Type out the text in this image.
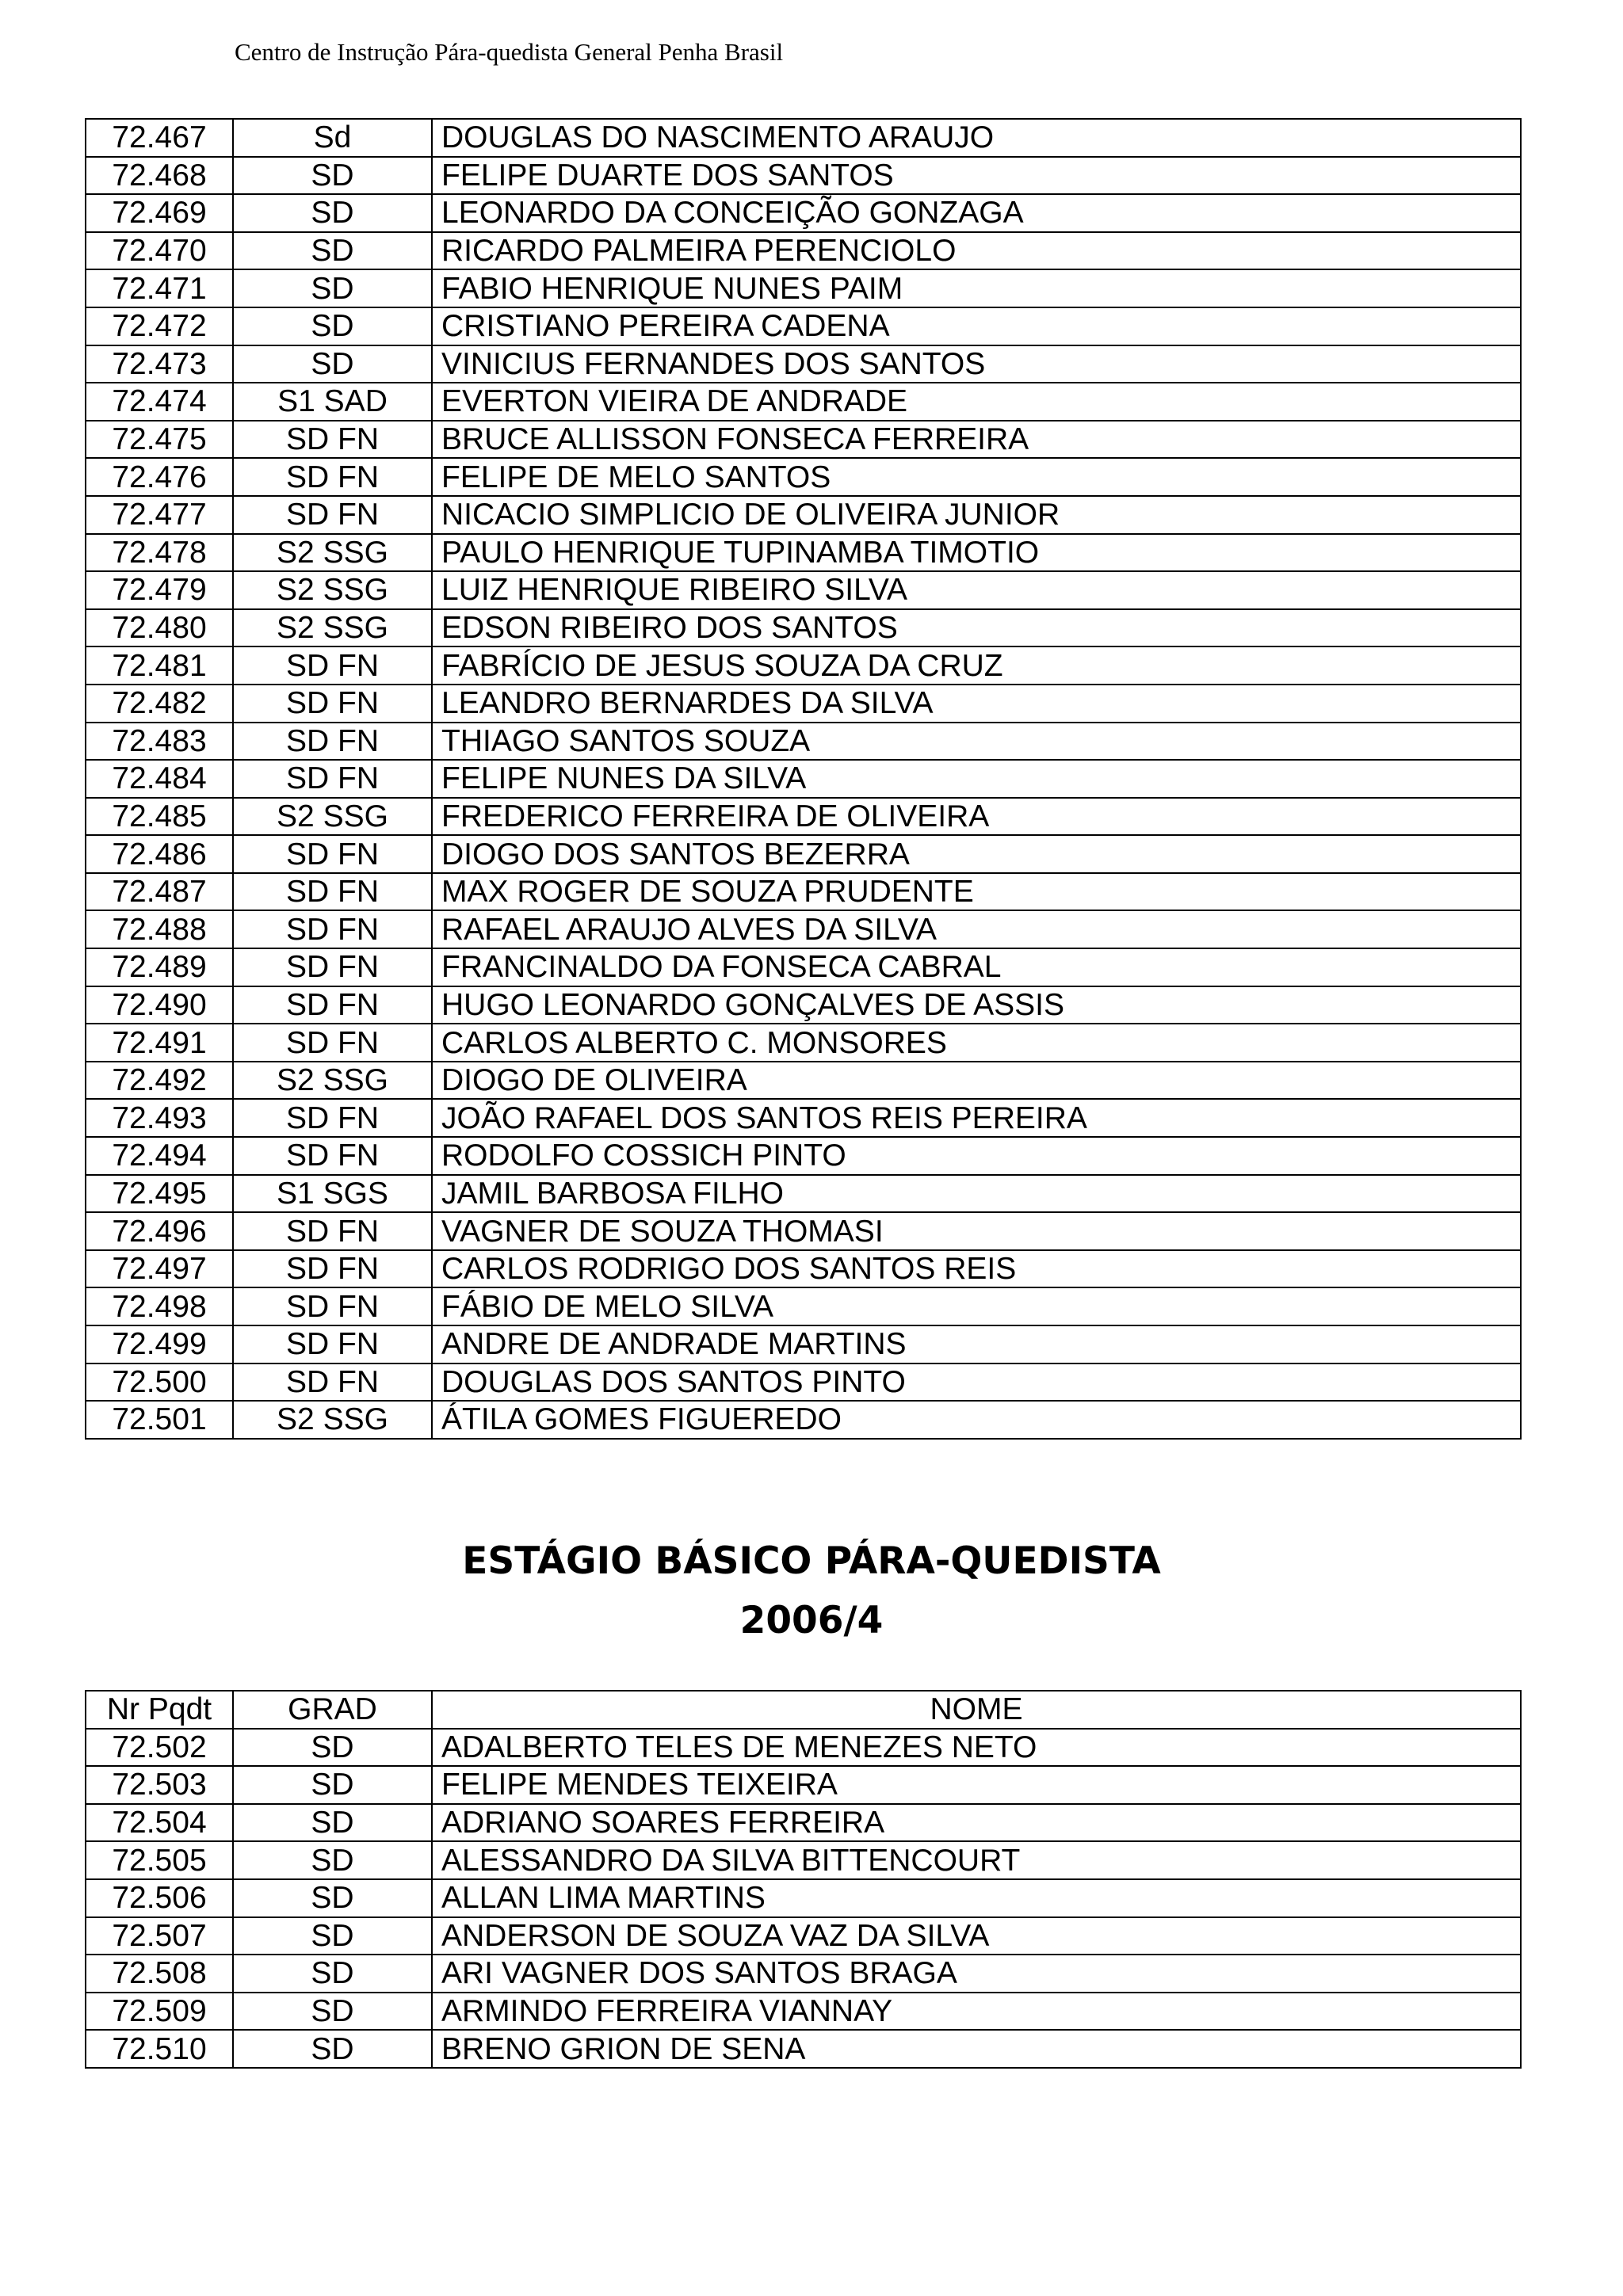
Centro de Instrução Pára-quedista General Penha Brasil
72.467	Sd	DOUGLAS DO NASCIMENTO ARAUJO
72.468	SD	FELIPE DUARTE DOS SANTOS
72.469	SD	LEONARDO DA CONCEIÇÃO GONZAGA
72.470	SD	RICARDO PALMEIRA PERENCIOLO
72.471	SD	FABIO HENRIQUE NUNES PAIM
72.472	SD	CRISTIANO PEREIRA CADENA
72.473	SD	VINICIUS FERNANDES DOS SANTOS
72.474	S1 SAD	EVERTON VIEIRA DE ANDRADE
72.475	SD FN	BRUCE ALLISSON FONSECA FERREIRA
72.476	SD FN	FELIPE DE MELO SANTOS
72.477	SD FN	NICACIO SIMPLICIO DE OLIVEIRA JUNIOR
72.478	S2 SSG	PAULO HENRIQUE TUPINAMBA TIMOTIO
72.479	S2 SSG	LUIZ HENRIQUE RIBEIRO SILVA
72.480	S2 SSG	EDSON RIBEIRO DOS SANTOS
72.481	SD FN	FABRÍCIO DE JESUS SOUZA DA CRUZ
72.482	SD FN	LEANDRO BERNARDES DA SILVA
72.483	SD FN	THIAGO SANTOS SOUZA
72.484	SD FN	FELIPE NUNES DA SILVA
72.485	S2 SSG	FREDERICO FERREIRA DE OLIVEIRA
72.486	SD FN	DIOGO DOS SANTOS BEZERRA
72.487	SD FN	MAX ROGER DE SOUZA PRUDENTE
72.488	SD FN	RAFAEL ARAUJO ALVES DA SILVA
72.489	SD FN	FRANCINALDO DA FONSECA CABRAL
72.490	SD FN	HUGO LEONARDO GONÇALVES DE ASSIS
72.491	SD FN	CARLOS ALBERTO C. MONSORES
72.492	S2 SSG	DIOGO DE OLIVEIRA
72.493	SD FN	JOÃO RAFAEL DOS SANTOS REIS PEREIRA
72.494	SD FN	RODOLFO COSSICH PINTO
72.495	S1 SGS	JAMIL BARBOSA FILHO
72.496	SD FN	VAGNER DE SOUZA THOMASI
72.497	SD FN	CARLOS RODRIGO DOS SANTOS REIS
72.498	SD FN	FÁBIO DE MELO SILVA
72.499	SD FN	ANDRE DE ANDRADE MARTINS
72.500	SD FN	DOUGLAS DOS SANTOS PINTO
72.501	S2 SSG	ÁTILA GOMES FIGUEREDO
ESTÁGIO BÁSICO PÁRA-QUEDISTA
2006/4
Nr Pqdt	GRAD	NOME
72.502	SD	ADALBERTO TELES DE MENEZES NETO
72.503	SD	FELIPE MENDES TEIXEIRA
72.504	SD	ADRIANO SOARES FERREIRA
72.505	SD	ALESSANDRO DA SILVA BITTENCOURT
72.506	SD	ALLAN LIMA MARTINS
72.507	SD	ANDERSON DE SOUZA VAZ DA SILVA
72.508	SD	ARI VAGNER DOS SANTOS BRAGA
72.509	SD	ARMINDO FERREIRA VIANNAY
72.510	SD	BRENO GRION DE SENA
